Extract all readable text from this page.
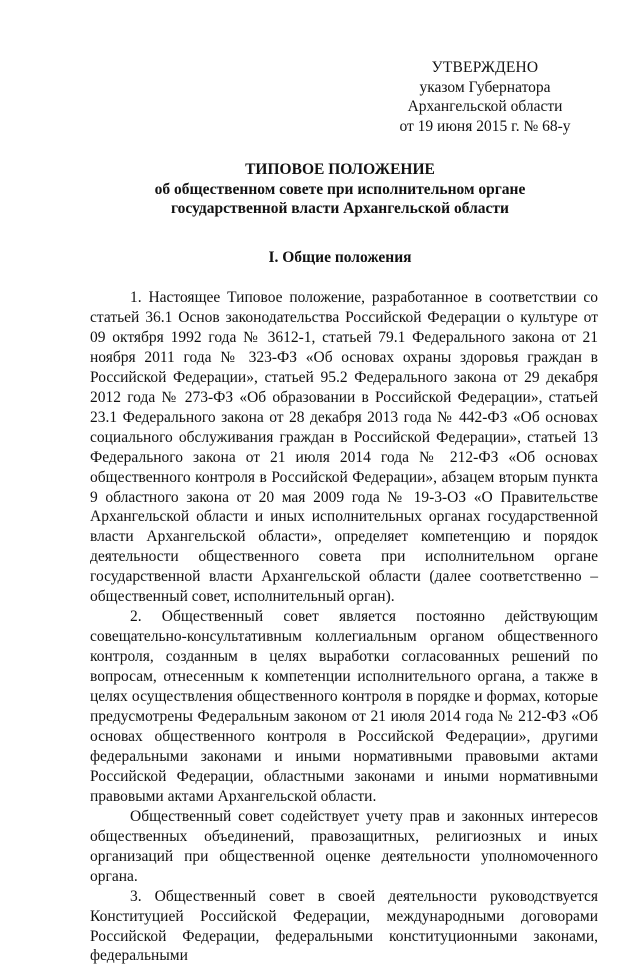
УТВЕРЖДЕНО
указом Губернатора
Архангельской области
от 19 июня 2015 г. № 68-у
ТИПОВОЕ ПОЛОЖЕНИЕ
об общественном совете при исполнительном органе
государственной власти Архангельской области
I. Общие положения

1. Настоящее Типовое положение, разработанное в соответствии со статьей 36.1 Основ законодательства Российской Федерации о культуре от 09 октября 1992 года № 3612-1, статьей 79.1 Федерального закона от 21 ноября 2011 года № 323-ФЗ «Об основах охраны здоровья граждан в Российской Федерации», статьей 95.2 Федерального закона от 29 декабря 2012 года № 273-ФЗ «Об образовании в Российской Федерации», статьей 23.1 Федерального закона от 28 декабря 2013 года № 442-ФЗ «Об основах социального обслуживания граждан в Российской Федерации», статьей 13 Федерального закона от 21 июля 2014 года № 212-ФЗ «Об основах общественного контроля в Российской Федерации», абзацем вторым пункта 9 областного закона от 20 мая 2009 года № 19-3-ОЗ «О Правительстве Архангельской области и иных исполнительных органах государственной власти Архангельской области», определяет компетенцию и порядок деятельности общественного совета при исполнительном органе государственной власти Архангельской области (далее соответственно – общественный совет, исполнительный орган).

2. Общественный совет является постоянно действующим совещательно-консультативным коллегиальным органом общественного контроля, созданным в целях выработки согласованных решений по вопросам, отнесенным к компетенции исполнительного органа, а также в целях осуществления общественного контроля в порядке и формах, которые предусмотрены Федеральным законом от 21 июля 2014 года № 212-ФЗ «Об основах общественного контроля в Российской Федерации», другими федеральными законами и иными нормативными правовыми актами Российской Федерации, областными законами и иными нормативными правовыми актами Архангельской области.

Общественный совет содействует учету прав и законных интересов общественных объединений, правозащитных, религиозных и иных организаций при общественной оценке деятельности уполномоченного органа.

3. Общественный совет в своей деятельности руководствуется Конституцией Российской Федерации, международными договорами Российской Федерации, федеральными конституционными законами, федеральными
